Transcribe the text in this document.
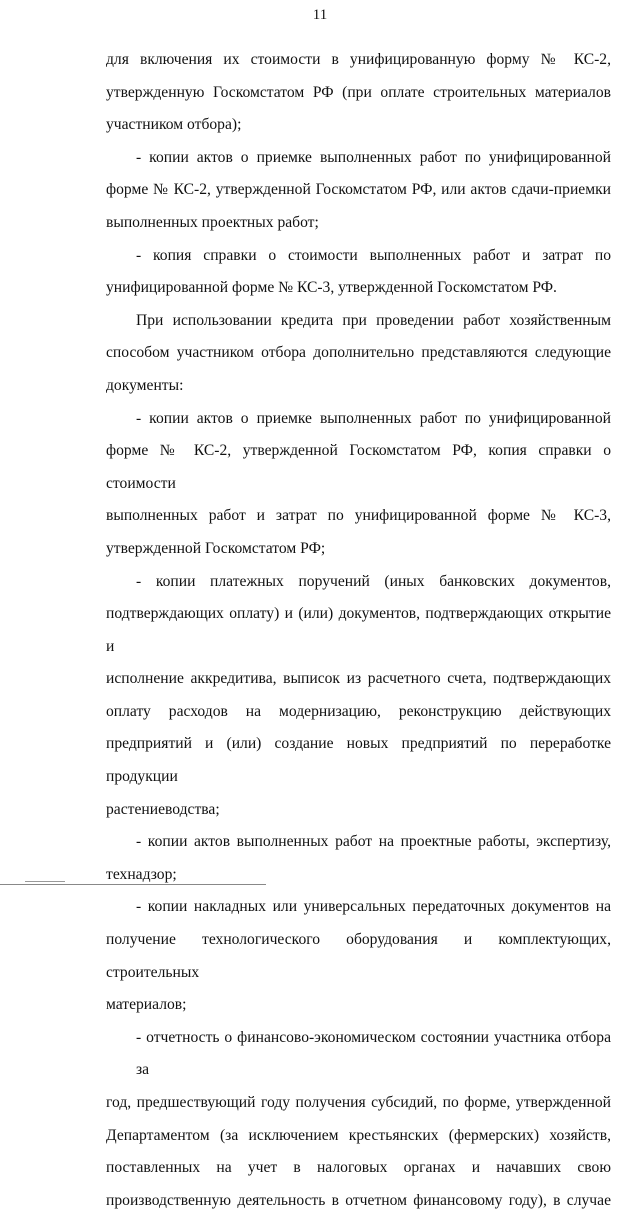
11
для включения их стоимости в унифицированную форму № КС-2,
утвержденную Госкомстатом РФ (при оплате строительных материалов
участником отбора);
- копии актов о приемке выполненных работ по унифицированной
форме № КС-2, утвержденной Госкомстатом РФ, или актов сдачи-приемки
выполненных проектных работ;
- копия справки о стоимости выполненных работ и затрат по
унифицированной форме № КС-3, утвержденной Госкомстатом РФ.
При использовании кредита при проведении работ хозяйственным
способом участником отбора дополнительно представляются следующие
документы:
- копии актов о приемке выполненных работ по унифицированной
форме № КС-2, утвержденной Госкомстатом РФ, копия справки о стоимости
выполненных работ и затрат по унифицированной форме № КС-3,
утвержденной Госкомстатом РФ;
- копии платежных поручений (иных банковских документов,
подтверждающих оплату) и (или) документов, подтверждающих открытие и
исполнение аккредитива, выписок из расчетного счета, подтверждающих
оплату расходов на модернизацию, реконструкцию действующих
предприятий и (или) создание новых предприятий по переработке продукции
растениеводства;
- копии актов выполненных работ на проектные работы, экспертизу,
технадзор;
- копии накладных или универсальных передаточных документов на
получение технологического оборудования и комплектующих, строительных
материалов;
- отчетность о финансово-экономическом состоянии участника отбора за
год, предшествующий году получения субсидий, по форме, утвержденной
Департаментом (за исключением крестьянских (фермерских) хозяйств,
поставленных на учет в налоговых органах и начавших свою
производственную деятельность в отчетном финансовому году), в случае
